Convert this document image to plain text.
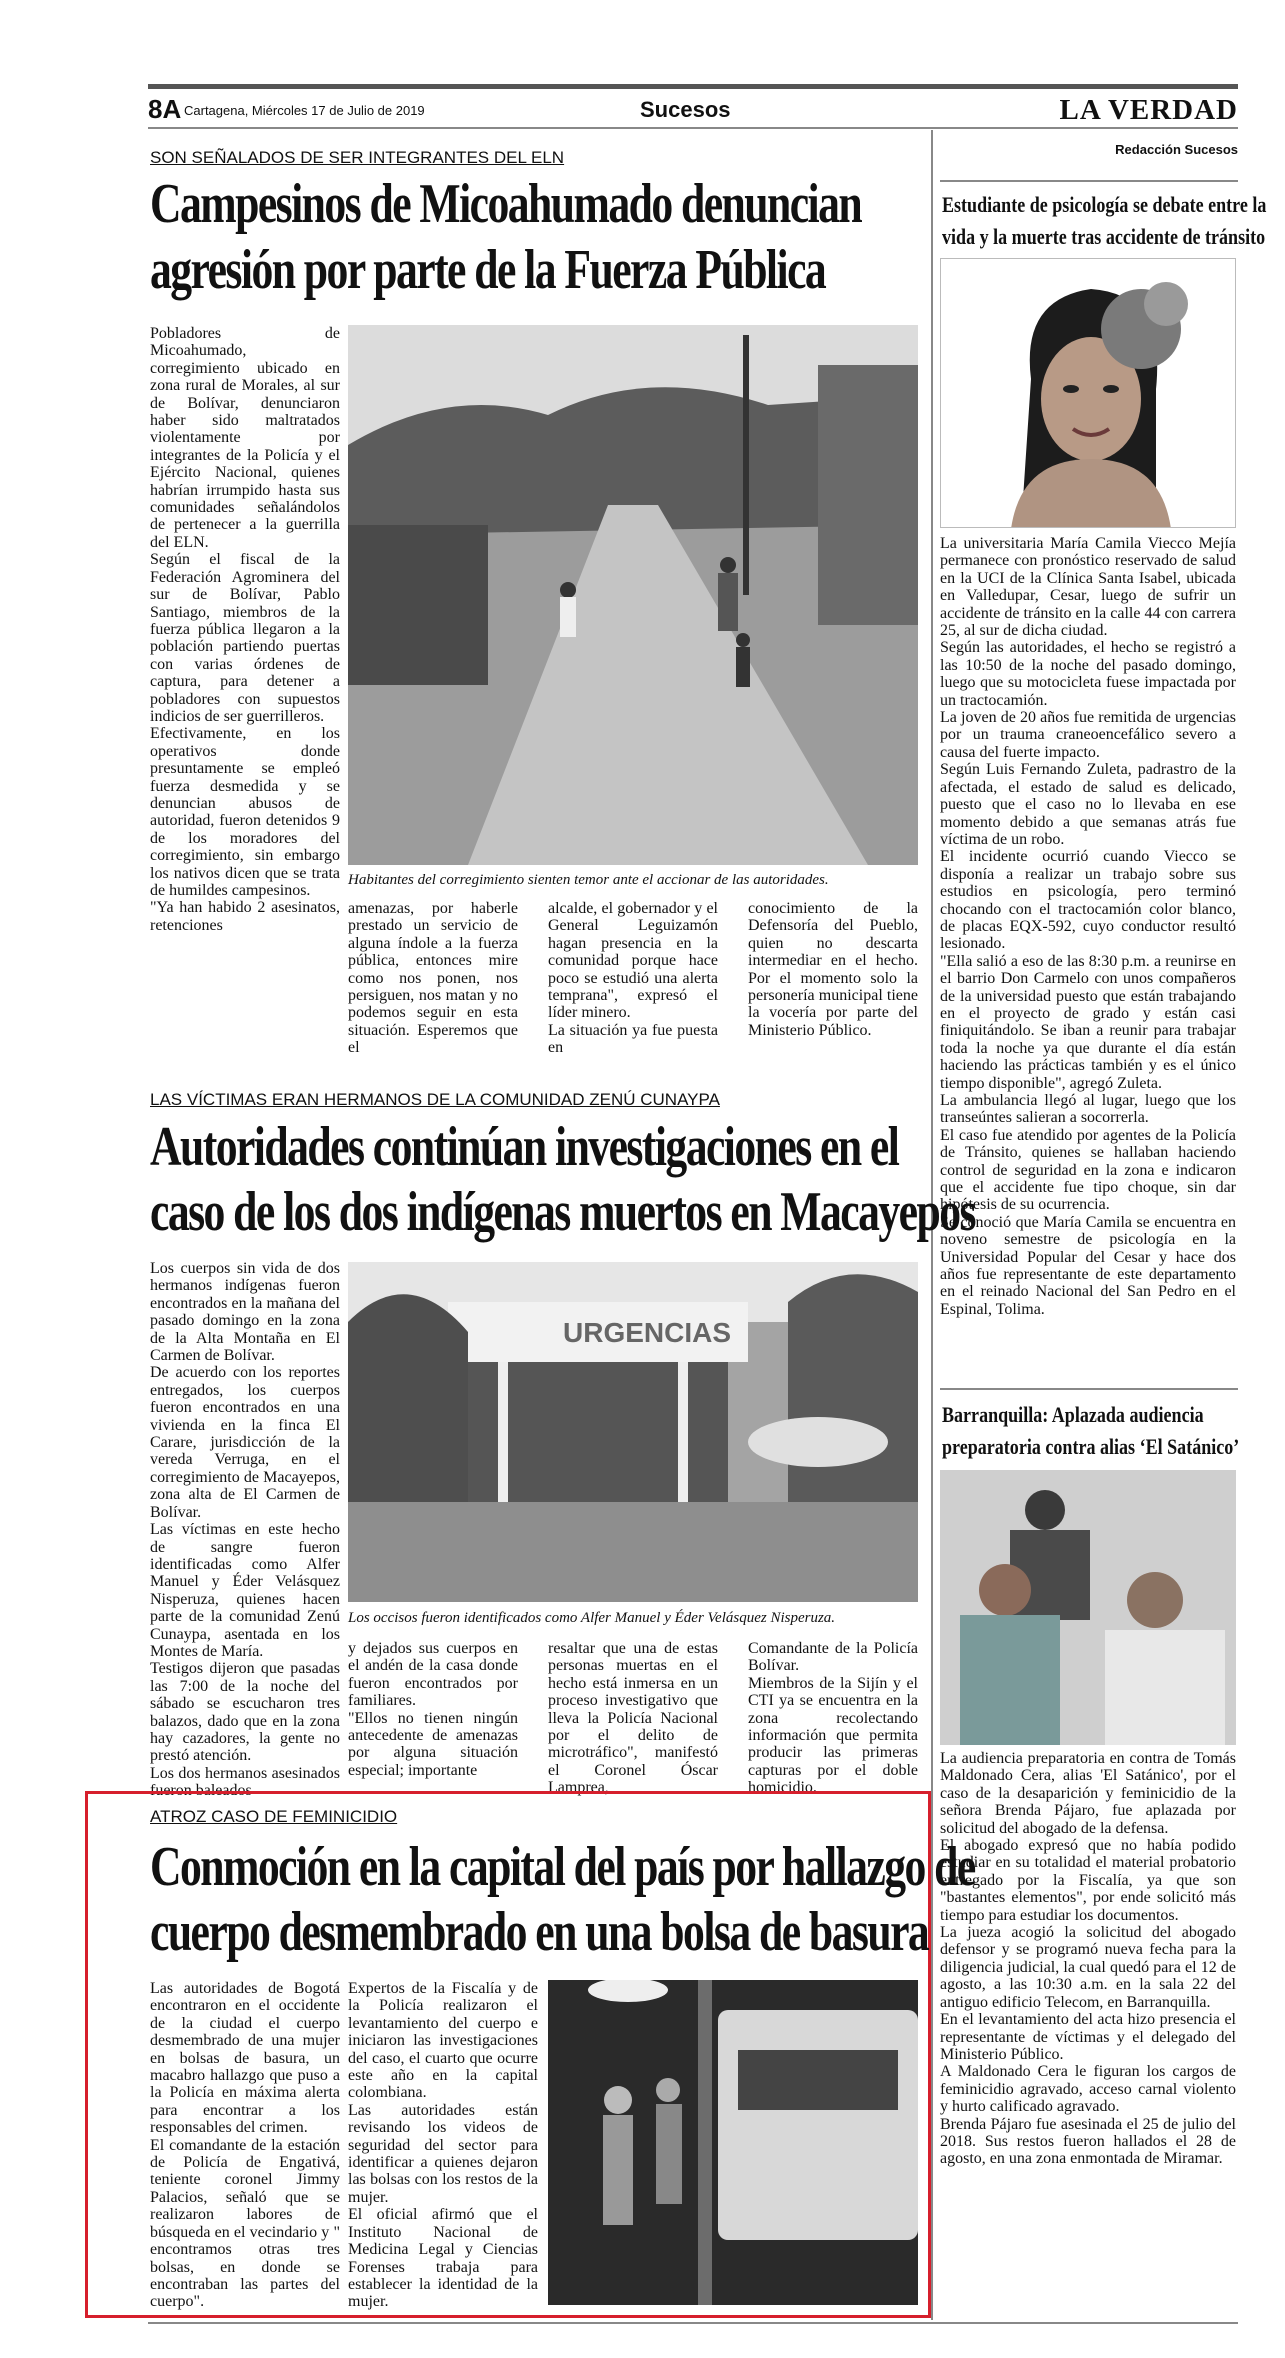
8A Cartagena, Miércoles 17 de Julio de 2019	Sucesos	LA VERDAD
SON SEÑALADOS DE SER INTEGRANTES DEL ELN
Campesinos de Micoahumado denuncian
agresión por parte de la Fuerza Pública
Pobladores de Micoahumado, corregimiento ubicado en zona rural de Morales, al sur de Bolívar, denunciaron haber sido maltratados violentamente por integrantes de la Policía y el Ejército Nacional, quienes habrían irrumpido hasta sus comunidades señalándolos de pertenecer a la guerrilla del ELN.
Según el fiscal de la Federación Agrominera del sur de Bolívar, Pablo Santiago, miembros de la fuerza pública llegaron a la población partiendo puertas con varias órdenes de captura, para detener a pobladores con supuestos indicios de ser guerrilleros.
Efectivamente, en los operativos donde presuntamente se empleó fuerza desmedida y se denuncian abusos de autoridad, fueron detenidos 9 de los moradores del corregimiento, sin embargo los nativos dicen que se trata de humildes campesinos.
"Ya han habido 2 asesinatos, retenciones
Habitantes del corregimiento sienten temor ante el accionar de las autoridades.
amenazas, por haberle prestado un servicio de alguna índole a la fuerza pública, entonces mire como nos ponen, nos persiguen, nos matan y no podemos seguir en esta situación. Esperemos que el
alcalde, el gobernador y el General Leguizamón hagan presencia en la comunidad porque hace poco se estudió una alerta temprana", expresó el líder minero.
La situación ya fue puesta en
conocimiento de la Defensoría del Pueblo, quien no descarta intermediar en el hecho. Por el momento solo la personería municipal tiene la vocería por parte del Ministerio Público.
LAS VÍCTIMAS ERAN HERMANOS DE LA COMUNIDAD ZENÚ CUNAYPA
Autoridades continúan investigaciones en el
caso de los dos indígenas muertos en Macayepos
Los cuerpos sin vida de dos hermanos indígenas fueron encontrados en la mañana del pasado domingo en la zona de la Alta Montaña en El Carmen de Bolívar.
De acuerdo con los reportes entregados, los cuerpos fueron encontrados en una vivienda en la finca El Carare, jurisdicción de la vereda Verruga, en el corregimiento de Macayepos, zona alta de El Carmen de Bolívar.
Las víctimas en este hecho de sangre fueron identificadas como Alfer Manuel y Éder Velásquez Nisperuza, quienes hacen parte de la comunidad Zenú Cunaypa, asentada en los Montes de María.
Testigos dijeron que pasadas las 7:00 de la noche del sábado se escucharon tres balazos, dado que en la zona hay cazadores, la gente no prestó atención.
Los dos hermanos asesinados fueron baleados
URGENCIAS
Los occisos fueron identificados como Alfer Manuel y Éder Velásquez Nisperuza.
y dejados sus cuerpos en el andén de la casa donde fueron encontrados por familiares.
"Ellos no tienen ningún antecedente de amenazas por alguna situación especial; importante
resaltar que una de estas personas muertas en el hecho está inmersa en un proceso investigativo que lleva la Policía Nacional por el delito de microtráfico", manifestó el Coronel Óscar Lamprea,
Comandante de la Policía Bolívar.
Miembros de la Sijín y el CTI ya se encuentra en la zona recolectando información que permita producir las primeras capturas por el doble homicidio.
ATROZ CASO DE FEMINICIDIO
Conmoción en la capital del país por hallazgo de
cuerpo desmembrado en una bolsa de basura
Las autoridades de Bogotá encontraron en el occidente de la ciudad el cuerpo desmembrado de una mujer en bolsas de basura, un macabro hallazgo que puso a la Policía en máxima alerta para encontrar a los responsables del crimen.
El comandante de la estación de Policía de Engativá, teniente coronel Jimmy Palacios, señaló que se realizaron labores de búsqueda en el vecindario y " encontramos otras tres bolsas, en donde se encontraban las partes del cuerpo".
Expertos de la Fiscalía y de la Policía realizaron el levantamiento del cuerpo e iniciaron las investigaciones del caso, el cuarto que ocurre este año en la capital colombiana.
Las autoridades están revisando los videos de seguridad del sector para identificar a quienes dejaron las bolsas con los restos de la mujer.
El oficial afirmó que el Instituto Nacional de Medicina Legal y Ciencias Forenses trabaja para establecer la identidad de la mujer.
Redacción Sucesos
Estudiante de psicología se debate entre la
vida y la muerte tras accidente de tránsito
La universitaria María Camila Viecco Mejía permanece con pronóstico reservado de salud en la UCI de la Clínica Santa Isabel, ubicada en Valledupar, Cesar, luego de sufrir un accidente de tránsito en la calle 44 con carrera 25, al sur de dicha ciudad.
Según las autoridades, el hecho se registró a las 10:50 de la noche del pasado domingo, luego que su motocicleta fuese impactada por un tractocamión.
La joven de 20 años fue remitida de urgencias por un trauma craneoencefálico severo a causa del fuerte impacto.
Según Luis Fernando Zuleta, padrastro de la afectada, el estado de salud es delicado, puesto que el caso no lo llevaba en ese momento debido a que semanas atrás fue víctima de un robo.
El incidente ocurrió cuando Viecco se disponía a realizar un trabajo sobre sus estudios en psicología, pero terminó chocando con el tractocamión color blanco, de placas EQX-592, cuyo conductor resultó lesionado.
"Ella salió a eso de las 8:30 p.m. a reunirse en el barrio Don Carmelo con unos compañeros de la universidad puesto que están trabajando en el proyecto de grado y están casi finiquitándolo. Se iban a reunir para trabajar toda la noche ya que durante el día están haciendo las prácticas también y es el único tiempo disponible", agregó Zuleta.
La ambulancia llegó al lugar, luego que los transeúntes salieran a socorrerla.
El caso fue atendido por agentes de la Policía de Tránsito, quienes se hallaban haciendo control de seguridad en la zona e indicaron que el accidente fue tipo choque, sin dar hipótesis de su ocurrencia.
Se conoció que María Camila se encuentra en noveno semestre de psicología en la Universidad Popular del Cesar y hace dos años fue representante de este departamento en el reinado Nacional del San Pedro en el Espinal, Tolima.
Barranquilla: Aplazada audiencia
preparatoria contra alias ‘El Satánico’
La audiencia preparatoria en contra de Tomás Maldonado Cera, alias 'El Satánico', por el caso de la desaparición y feminicidio de la señora Brenda Pájaro, fue aplazada por solicitud del abogado de la defensa.
El abogado expresó que no había podido estudiar en su totalidad el material probatorio entregado por la Fiscalía, ya que son "bastantes elementos", por ende solicitó más tiempo para estudiar los documentos.
La jueza acogió la solicitud del abogado defensor y se programó nueva fecha para la diligencia judicial, la cual quedó para el 12 de agosto, a las 10:30 a.m. en la sala 22 del antiguo edificio Telecom, en Barranquilla.
En el levantamiento del acta hizo presencia el representante de víctimas y el delegado del Ministerio Público.
A Maldonado Cera le figuran los cargos de feminicidio agravado, acceso carnal violento y hurto calificado agravado.
Brenda Pájaro fue asesinada el 25 de julio del 2018. Sus restos fueron hallados el 28 de agosto, en una zona enmontada de Miramar.
